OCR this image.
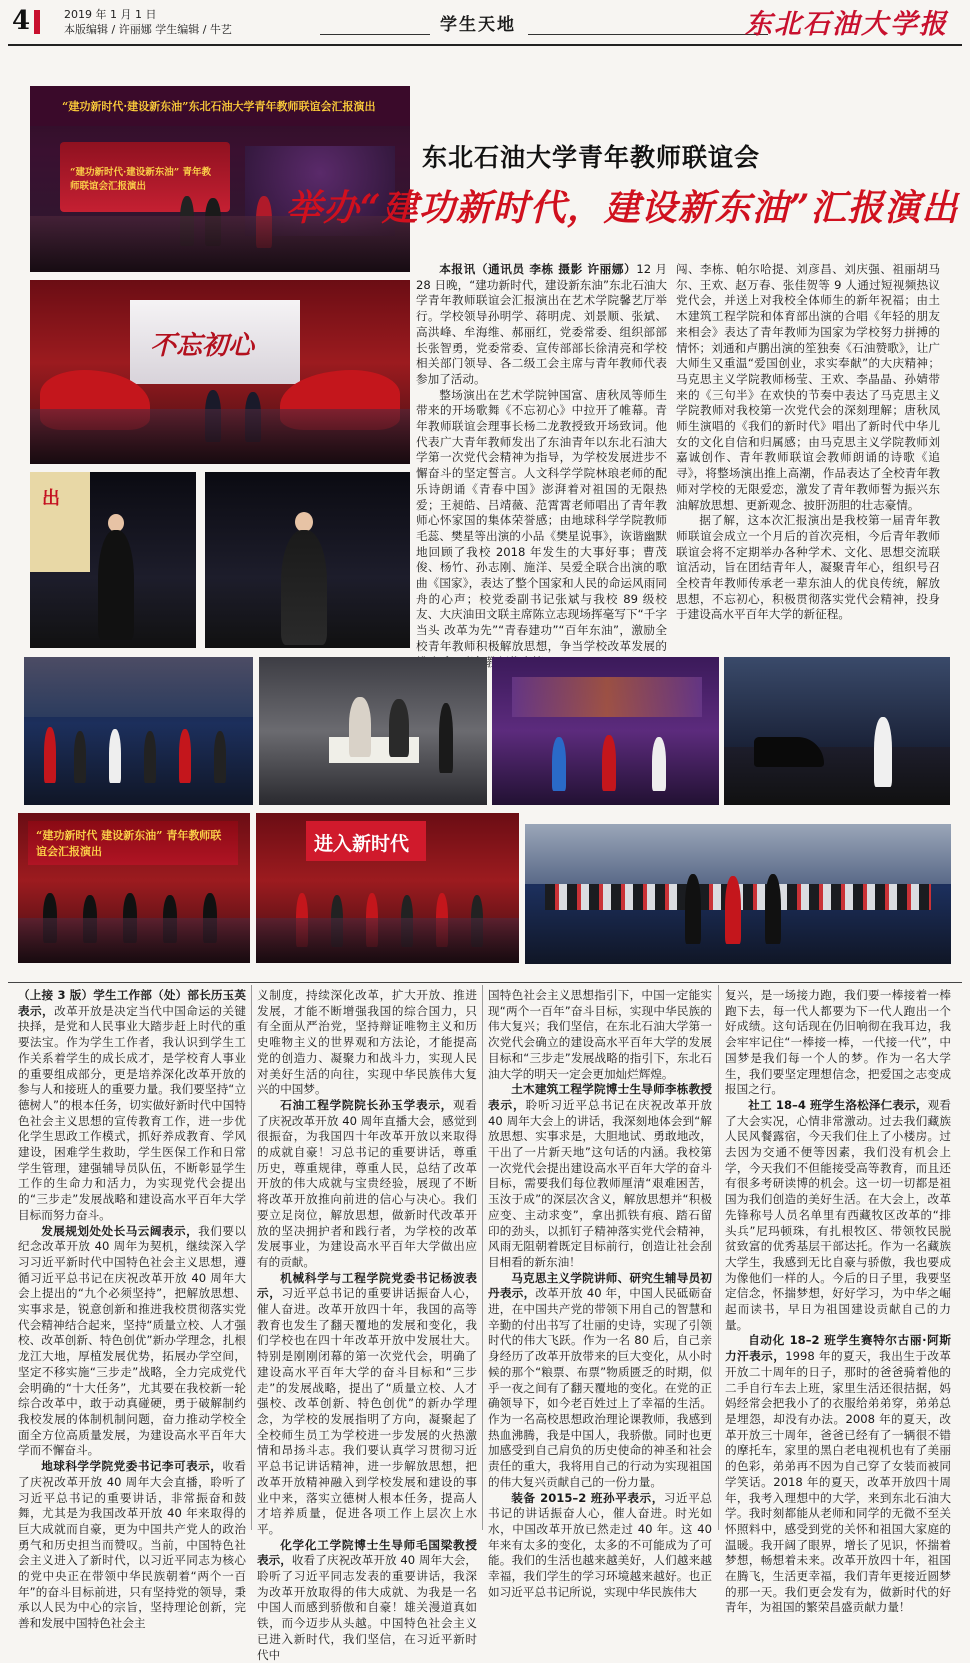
4	2019 年 1 月 1 日
本版编辑 / 许丽娜 学生编辑 / 牛艺	学生天地	东北石油大学报
“建功新时代·建设新东油”东北石油大学青年教师联谊会汇报演出
“建功新时代·建设新东油” 青年教师联谊会汇报演出
不忘初心
出
东北石油大学青年教师联谊会
举办“建功新时代，建设新东油”汇报演出

本报讯（通讯员 李栋 摄影 许丽娜）12 月 28 日晚，“建功新时代，建设新东油”东北石油大学青年教师联谊会汇报演出在艺术学院馨艺厅举行。学校领导孙明学、蒋明虎、刘景顺、张斌、高洪峰、牟海维、郝丽红，党委常委、组织部部长张智勇，党委常委、宣传部部长徐清亮和学校相关部门领导、各二级工会主席与青年教师代表参加了活动。

整场演出在艺术学院钟国富、唐秋凤等师生带来的开场歌舞《不忘初心》中拉开了帷幕。青年教师联谊会理事长杨二龙教授致开场致词。他代表广大青年教师发出了东油青年以东北石油大学第一次党代会精神为指导，为学校发展进步不懈奋斗的坚定誓言。人文科学学院林琅老师的配乐诗朗诵《青春中国》澎湃着对祖国的无限热爱；王昶皓、吕靖薇、范霄霄老师唱出了青年教师心怀家国的集体荣誉感；由地球科学学院教师毛蕊、樊星等出演的小品《樊星说事》，诙谐幽默地回顾了我校 2018 年发生的大事好事；曹茂俊、杨竹、孙志刚、施洋、吴爱全联合出演的歌曲《国家》，表达了整个国家和人民的命运风雨同舟的心声；校党委副书记张斌与我校 89 级校友、大庆油田文联主席陈立志现场挥毫写下“千字当头 改革为先”“青春建功”“百年东油”，激励全校青年教师积极解放思想，争当学校改革发展的

闯、李栋、帕尔哈提、刘彦昌、刘庆强、祖丽胡马尔、王欢、赵万春、张佳贺等 9 人通过短视频热议党代会，并送上对我校全体师生的新年祝福；由土木建筑工程学院和体育部出演的合唱《年轻的朋友来相会》表达了青年教师为国家为学校努力拼搏的情怀；刘通和卢鹏出演的笙独奏《石油赞歌》，让广大师生又重温“爱国创业，求实奉献”的大庆精神；马克思主义学院教师杨莹、王欢、李晶晶、孙婧带来的《三句半》在欢快的节奏中表达了马克思主义学院教师对我校第一次党代会的深刻理解；唐秋凤师生演唱的《我们的新时代》唱出了新时代中华儿女的文化自信和归属感；由马克思主义学院教师刘嘉诚创作、青年教师联谊会教师朗诵的诗歌《追寻》，将整场演出推上高潮，作品表达了全校青年教师对学校的无限爱恋，激发了青年教师誓为振兴东油解放思想、更新观念、披肝沥胆的壮志豪情。

据了解，这本次汇报演出是我校第一届青年教师联谊会成立一个月后的首次亮相，今后青年教师联谊会将不定期举办各种学术、文化、思想交流联谊活动，旨在团结青年人，凝聚青年心，组织号召全校青年教师传承老一辈东油人的优良传统，解放思想，不忘初心，积极贯彻落实党代会精神，投身于建设高水平百年大学的新征程。

“建功新时代 建设新东油” 青年教师联谊会汇报演出	进入新时代

（上接 3 版）学生工作部（处）部长历玉英表示，改革开放是决定当代中国命运的关键抉择，是党和人民事业大踏步赶上时代的重要法宝。作为学生工作者，我认识到学生工作关系着学生的成长成才，是学校育人事业的重要组成部分，更是培养深化改革开放的参与人和接班人的重要力量。我们要坚持“立德树人”的根本任务，切实做好新时代中国特色社会主义思想的宣传教育工作，进一步优化学生思政工作模式，抓好养成教育、学风建设，困难学生救助，学生医保工作和日常学生管理，建强辅导员队伍，不断彰显学生工作的生命力和活力，为实现党代会提出的“三步走”发展战略和建设高水平百年大学目标而努力奋斗。

发展规划处处长马云阔表示，我们要以纪念改革开放 40 周年为契机，继续深入学习习近平新时代中国特色社会主义思想，遵循习近平总书记在庆祝改革开放 40 周年大会上提出的“九个必须坚持”，把解放思想、实事求是，锐意创新和推进我校贯彻落实党代会精神结合起来，坚持“质量立校、人才强校、改革创新、特色创优”新办学理念，扎根龙江大地，厚植发展优势，拓展办学空间，坚定不移实施“三步走”战略，全力完成党代会明确的“十大任务”，尤其要在我校新一轮综合改革中，敢于动真碰硬，勇于破解制约我校发展的体制机制问题，奋力推动学校全面全方位高质量发展，为建设高水平百年大学而不懈奋斗。

地球科学学院党委书记李可表示，收看了庆祝改革开放 40 周年大会直播，聆听了习近平总书记的重要讲话，非常振奋和鼓舞，尤其是为我国改革开放 40 年来取得的巨大成就而自豪，更为中国共产党人的政治勇气和历史担当而赞叹。当前，中国特色社会主义进入了新时代，以习近平同志为核心的党中央正在带领中华民族朝着“两个一百年”的奋斗目标前进，只有坚持党的领导，秉承以人民为中心的宗旨，坚持理论创新，完善和发展中国特色社会主

义制度，持续深化改革，扩大开放、推进发展，才能不断增强我国的综合国力，只有全面从严治党，坚持辩证唯物主义和历史唯物主义的世界观和方法论，才能提高党的创造力、凝聚力和战斗力，实现人民对美好生活的向往，实现中华民族伟大复兴的中国梦。

石油工程学院院长孙玉学表示，观看了庆祝改革开放 40 周年直播大会，感觉到很振奋，为我国四十年改革开放以来取得的成就自豪！习总书记的重要讲话，尊重历史，尊重规律，尊重人民，总结了改革开放的伟大成就与宝贵经验，展现了不断将改革开放推向前进的信心与决心。我们要立足岗位，解放思想，做新时代改革开放的坚决拥护者和践行者，为学校的改革发展事业，为建设高水平百年大学做出应有的贡献。

机械科学与工程学院党委书记杨波表示，习近平总书记的重要讲话振奋人心，催人奋进。改革开放四十年，我国的高等教育也发生了翻天覆地的发展和变化，我们学校也在四十年改革开放中发展壮大。特别是刚刚闭幕的第一次党代会，明确了建设高水平百年大学的奋斗目标和“三步走”的发展战略，提出了“质量立校、人才强校、改革创新、特色创优”的新办学理念，为学校的发展指明了方向，凝聚起了全校师生员工为学校进一步发展的火热激情和昂扬斗志。我们要认真学习贯彻习近平总书记讲话精神，进一步解放思想，把改革开放精神融入到学校发展和建设的事业中来，落实立德树人根本任务，提高人才培养质量，促进各项工作上层次上水平。

化学化工学院博士生导师毛国梁教授表示，收看了庆祝改革开放 40 周年大会，聆听了习近平同志发表的重要讲话，我深为改革开放取得的伟大成就、为我是一名中国人而感到骄傲和自豪！雄关漫道真如铁，而今迈步从头越。中国特色社会主义已进入新时代，我们坚信，在习近平新时代中

国特色社会主义思想指引下，中国一定能实现“两个一百年”奋斗目标，实现中华民族的伟大复兴；我们坚信，在东北石油大学第一次党代会确立的建设高水平百年大学的发展目标和“三步走”发展战略的指引下，东北石油大学的明天一定会更加灿烂辉煌。

土木建筑工程学院博士生导师李栋教授表示，聆听习近平总书记在庆祝改革开放 40 周年大会上的讲话，我深刻地体会到“解放思想、实事求是，大胆地试、勇敢地改，干出了一片新天地”这句话的内涵。我校第一次党代会提出建设高水平百年大学的奋斗目标，需要我们每位教师厘清“艰难困苦，玉汝于成”的深层次含义，解放思想并“积极应变、主动求变”，拿出抓铁有痕、踏石留印的劲头，以抓钉子精神落实党代会精神，风雨无阻朝着既定目标前行，创造让社会刮目相看的新东油！

马克思主义学院讲师、研究生辅导员初丹表示，改革开放 40 年，中国人民砥砺奋进，在中国共产党的带领下用自己的智慧和辛勤的付出书写了壮丽的史诗，实现了引领时代的伟大飞跃。作为一名 80 后，自己亲身经历了改革开放带来的巨大变化，从小时候的那个“粮票、布票”物质匮乏的时期，似乎一夜之间有了翻天覆地的变化。在党的正确领导下，如今老百姓过上了幸福的生活。作为一名高校思想政治理论课教师，我感到热血沸腾，我是中国人，我骄傲。同时也更加感受到自己肩负的历史使命的神圣和社会责任的重大，我将用自己的行动为实现祖国的伟大复兴贡献自己的一份力量。

装备 2015–2 班孙平表示，习近平总书记的讲话振奋人心，催人奋进。时光如水，中国改革开放已然走过 40 年。这 40 年来有太多的变化，太多的不可能成为了可能。我们的生活也越来越美好，人们越来越幸福，我们学生的学习环境越来越好。也正如习近平总书记所说，实现中华民族伟大

复兴，是一场接力跑，我们要一棒接着一棒跑下去，每一代人都要为下一代人跑出一个好成绩。这句话现在仍旧响彻在我耳边，我会牢牢记住“一棒接一棒，一代接一代”，中国梦是我们每一个人的梦。作为一名大学生，我们要坚定理想信念，把爱国之志变成报国之行。

社工 18–4 班学生洛松泽仁表示，观看了大会实况，心情非常激动。过去我们藏族人民风餐露宿，今天我们住上了小楼房。过去因为交通不便等因素，我们没有机会上学，今天我们不但能接受高等教育，而且还有很多考研读博的机会。这一切一切都是祖国为我们创造的美好生活。在大会上，改革先锋称号人员名单里有西藏牧区改革的“排头兵”尼玛顿珠，有扎根牧区、带领牧民脱贫致富的优秀基层干部达托。作为一名藏族大学生，我感到无比自豪与骄傲，我也要成为像他们一样的人。今后的日子里，我要坚定信念，怀揣梦想，好好学习，为中华之崛起而读书，早日为祖国建设贡献自己的力量。

自动化 18–2 班学生赛特尔古丽·阿斯力汗表示，1998 年的夏天，我出生于改革开放二十周年的日子，那时的爸爸骑着他的二手自行车去上班，家里生活还很拮据，妈妈经常会把我小了的衣服给弟弟穿，弟弟总是埋怨，却没有办法。2008 年的夏天，改革开放三十周年，爸爸已经有了一辆很不错的摩托车，家里的黑白老电视机也有了美丽的色彩，弟弟再不因为自己穿了女装而被同学笑话。2018 年的夏天，改革开放四十周年，我考入理想中的大学，来到东北石油大学。我时刻都能从老师和同学的无微不至关怀照料中，感受到党的关怀和祖国大家庭的温暖。我开阔了眼界，增长了见识，怀揣着梦想，畅想着未来。改革开放四十年，祖国在腾飞，生活更幸福，我们青年更接近圆梦的那一天。我们更会发有为，做新时代的好青年，为祖国的繁荣昌盛贡献力量！
